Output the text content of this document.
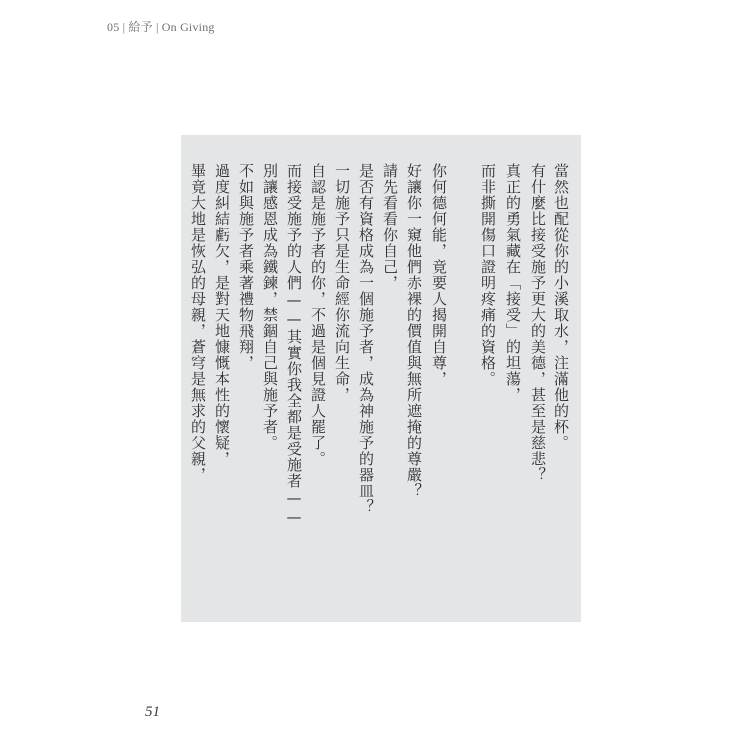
05 | 給予 | On Giving
當然也配從你的小溪取水，注滿他的杯。
有什麼比接受施予更大的美德，甚至是慈悲？
真正的勇氣藏在「接受」的坦蕩，
而非撕開傷口證明疼痛的資格。
你何德何能，竟要人揭開自尊，
好讓你一窺他們赤裸的價值與無所遮掩的尊嚴？
請先看看你自己，
是否有資格成為一個施予者，成為神施予的器皿？
一切施予只是生命經你流向生命，
自認是施予者的你，不過是個見證人罷了。
而接受施予的人們——其實你我全都是受施者——
別讓感恩成為鐵鍊，禁錮自己與施予者。
不如與施予者乘著禮物飛翔，
過度糾結虧欠，是對天地慷慨本性的懷疑，
畢竟大地是恢弘的母親，蒼穹是無求的父親，
51
